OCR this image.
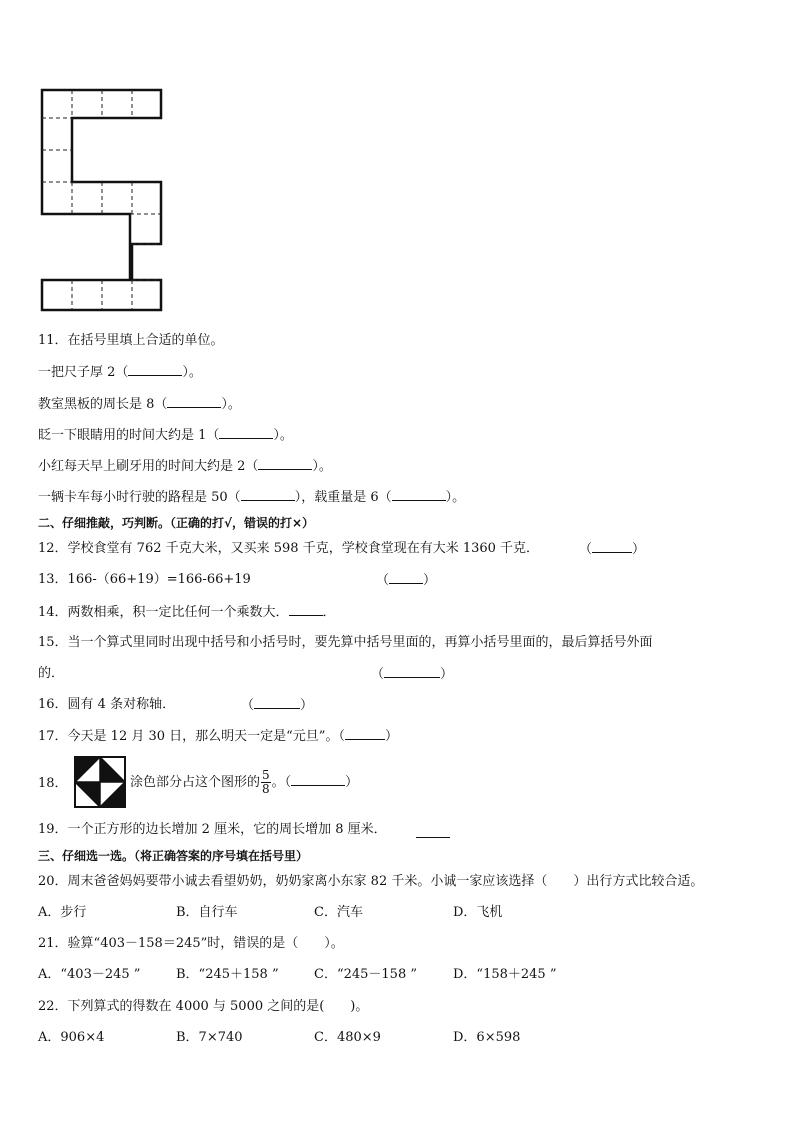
11．在括号里填上合适的单位。
一把尺子厚 2（	）。
教室黑板的周长是 8（	）。
眨一下眼睛用的时间大约是 1（	）。
小红每天早上刷牙用的时间大约是 2（	）。
一辆卡车每小时行驶的路程是 50（	），载重量是 6（	）。
二、仔细推敲，巧判断。（正确的打√，错误的打×）
12．学校食堂有 762 千克大米，又买来 598 千克，学校食堂现在有大米 1360 千克．	（	）
13．166-（66+19）=166-66+19	（	）
14．两数相乘，积一定比任何一个乘数大．	．
15．当一个算式里同时出现中括号和小括号时，要先算中括号里面的，再算小括号里面的，最后算括号外面
的．	（	）
16．圆有 4 条对称轴．	（	）
17．今天是 12 月 30 日，那么明天一定是“元旦”。（	）
18．	涂色部分占这个图形的 $\frac{5}{8}$ 。（	）
19．一个正方形的边长增加 2 厘米，它的周长增加 8 厘米．
三、仔细选一选。（将正确答案的序号填在括号里）
20．周末爸爸妈妈要带小诚去看望奶奶，奶奶家离小东家 82 千米。小诚一家应该选择（　　）出行方式比较合适。
A．步行	B．自行车	C．汽车	D．飞机
21．验算“403－158＝245”时，错误的是（　　）。
A．“403－245 ”	B．“245＋158 ”	C．“245－158 ”	D．“158＋245 ”
22．下列算式的得数在 4000 与 5000 之间的是(　　)。
A．906×4	B．7×740	C．480×9	D．6×598
